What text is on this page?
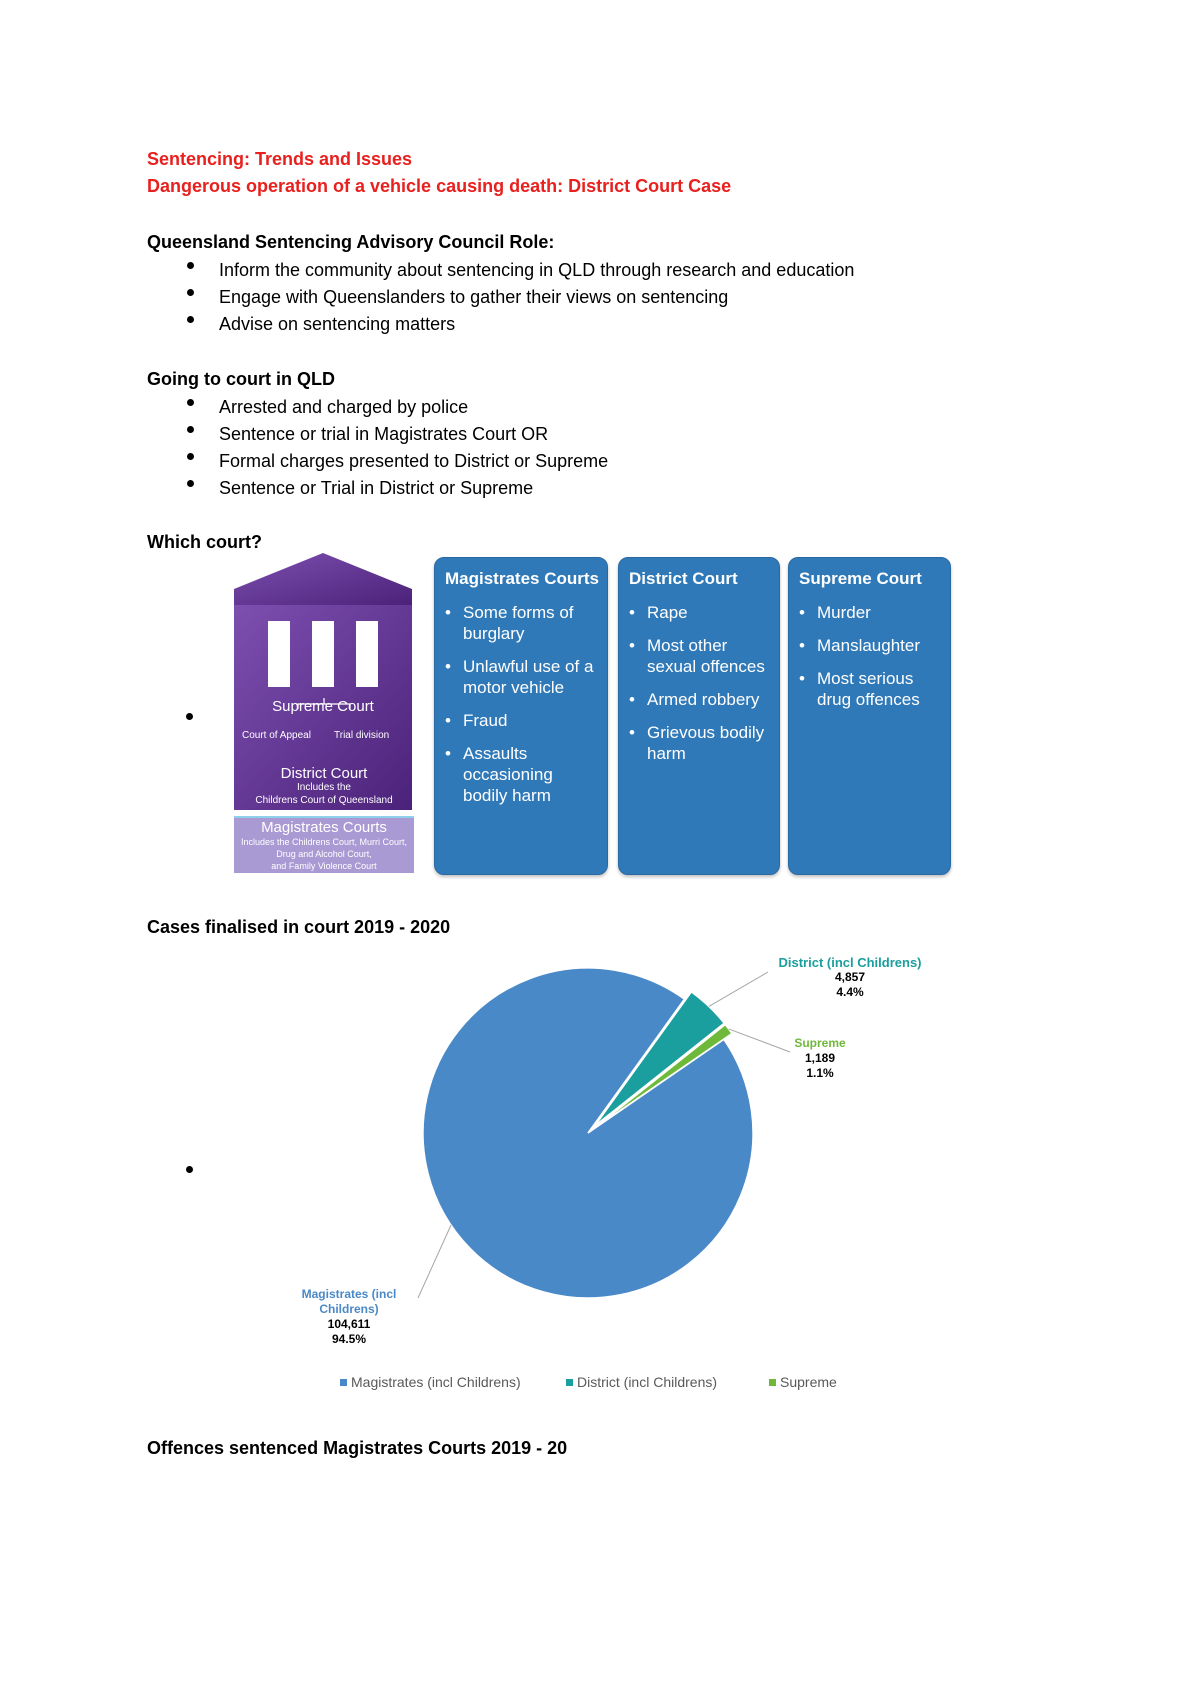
Sentencing: Trends and Issues
Dangerous operation of a vehicle causing death: District Court Case
Queensland Sentencing Advisory Council Role:
Inform the community about sentencing in QLD through research and education
Engage with Queenslanders to gather their views on sentencing
Advise on sentencing matters
Going to court in QLD
Arrested and charged by police
Sentence or trial in Magistrates Court OR
Formal charges presented to District or Supreme
Sentence or Trial in District or Supreme
Which court?
Supreme Court
Court of Appeal Trial division
District Court
Includes the
Childrens Court of Queensland
Magistrates Courts
Includes the Childrens Court, Murri Court,
Drug and Alcohol Court,
and Family Violence Court
Magistrates Courts
• Some forms of burglary
• Unlawful use of a motor vehicle
• Fraud
• Assaults occasioning bodily harm
District Court
• Rape
• Most other sexual offences
• Armed robbery
• Grievous bodily harm
Supreme Court
• Murder
• Manslaughter
• Most serious drug offences
Cases finalised in court 2019 - 2020
District (incl Childrens)
4,857
4.4%
Supreme
1,189
1.1%
Magistrates (incl Childrens)
104,611
94.5%
Magistrates (incl Childrens)	District (incl Childrens)	Supreme
Offences sentenced Magistrates Courts 2019 - 20
